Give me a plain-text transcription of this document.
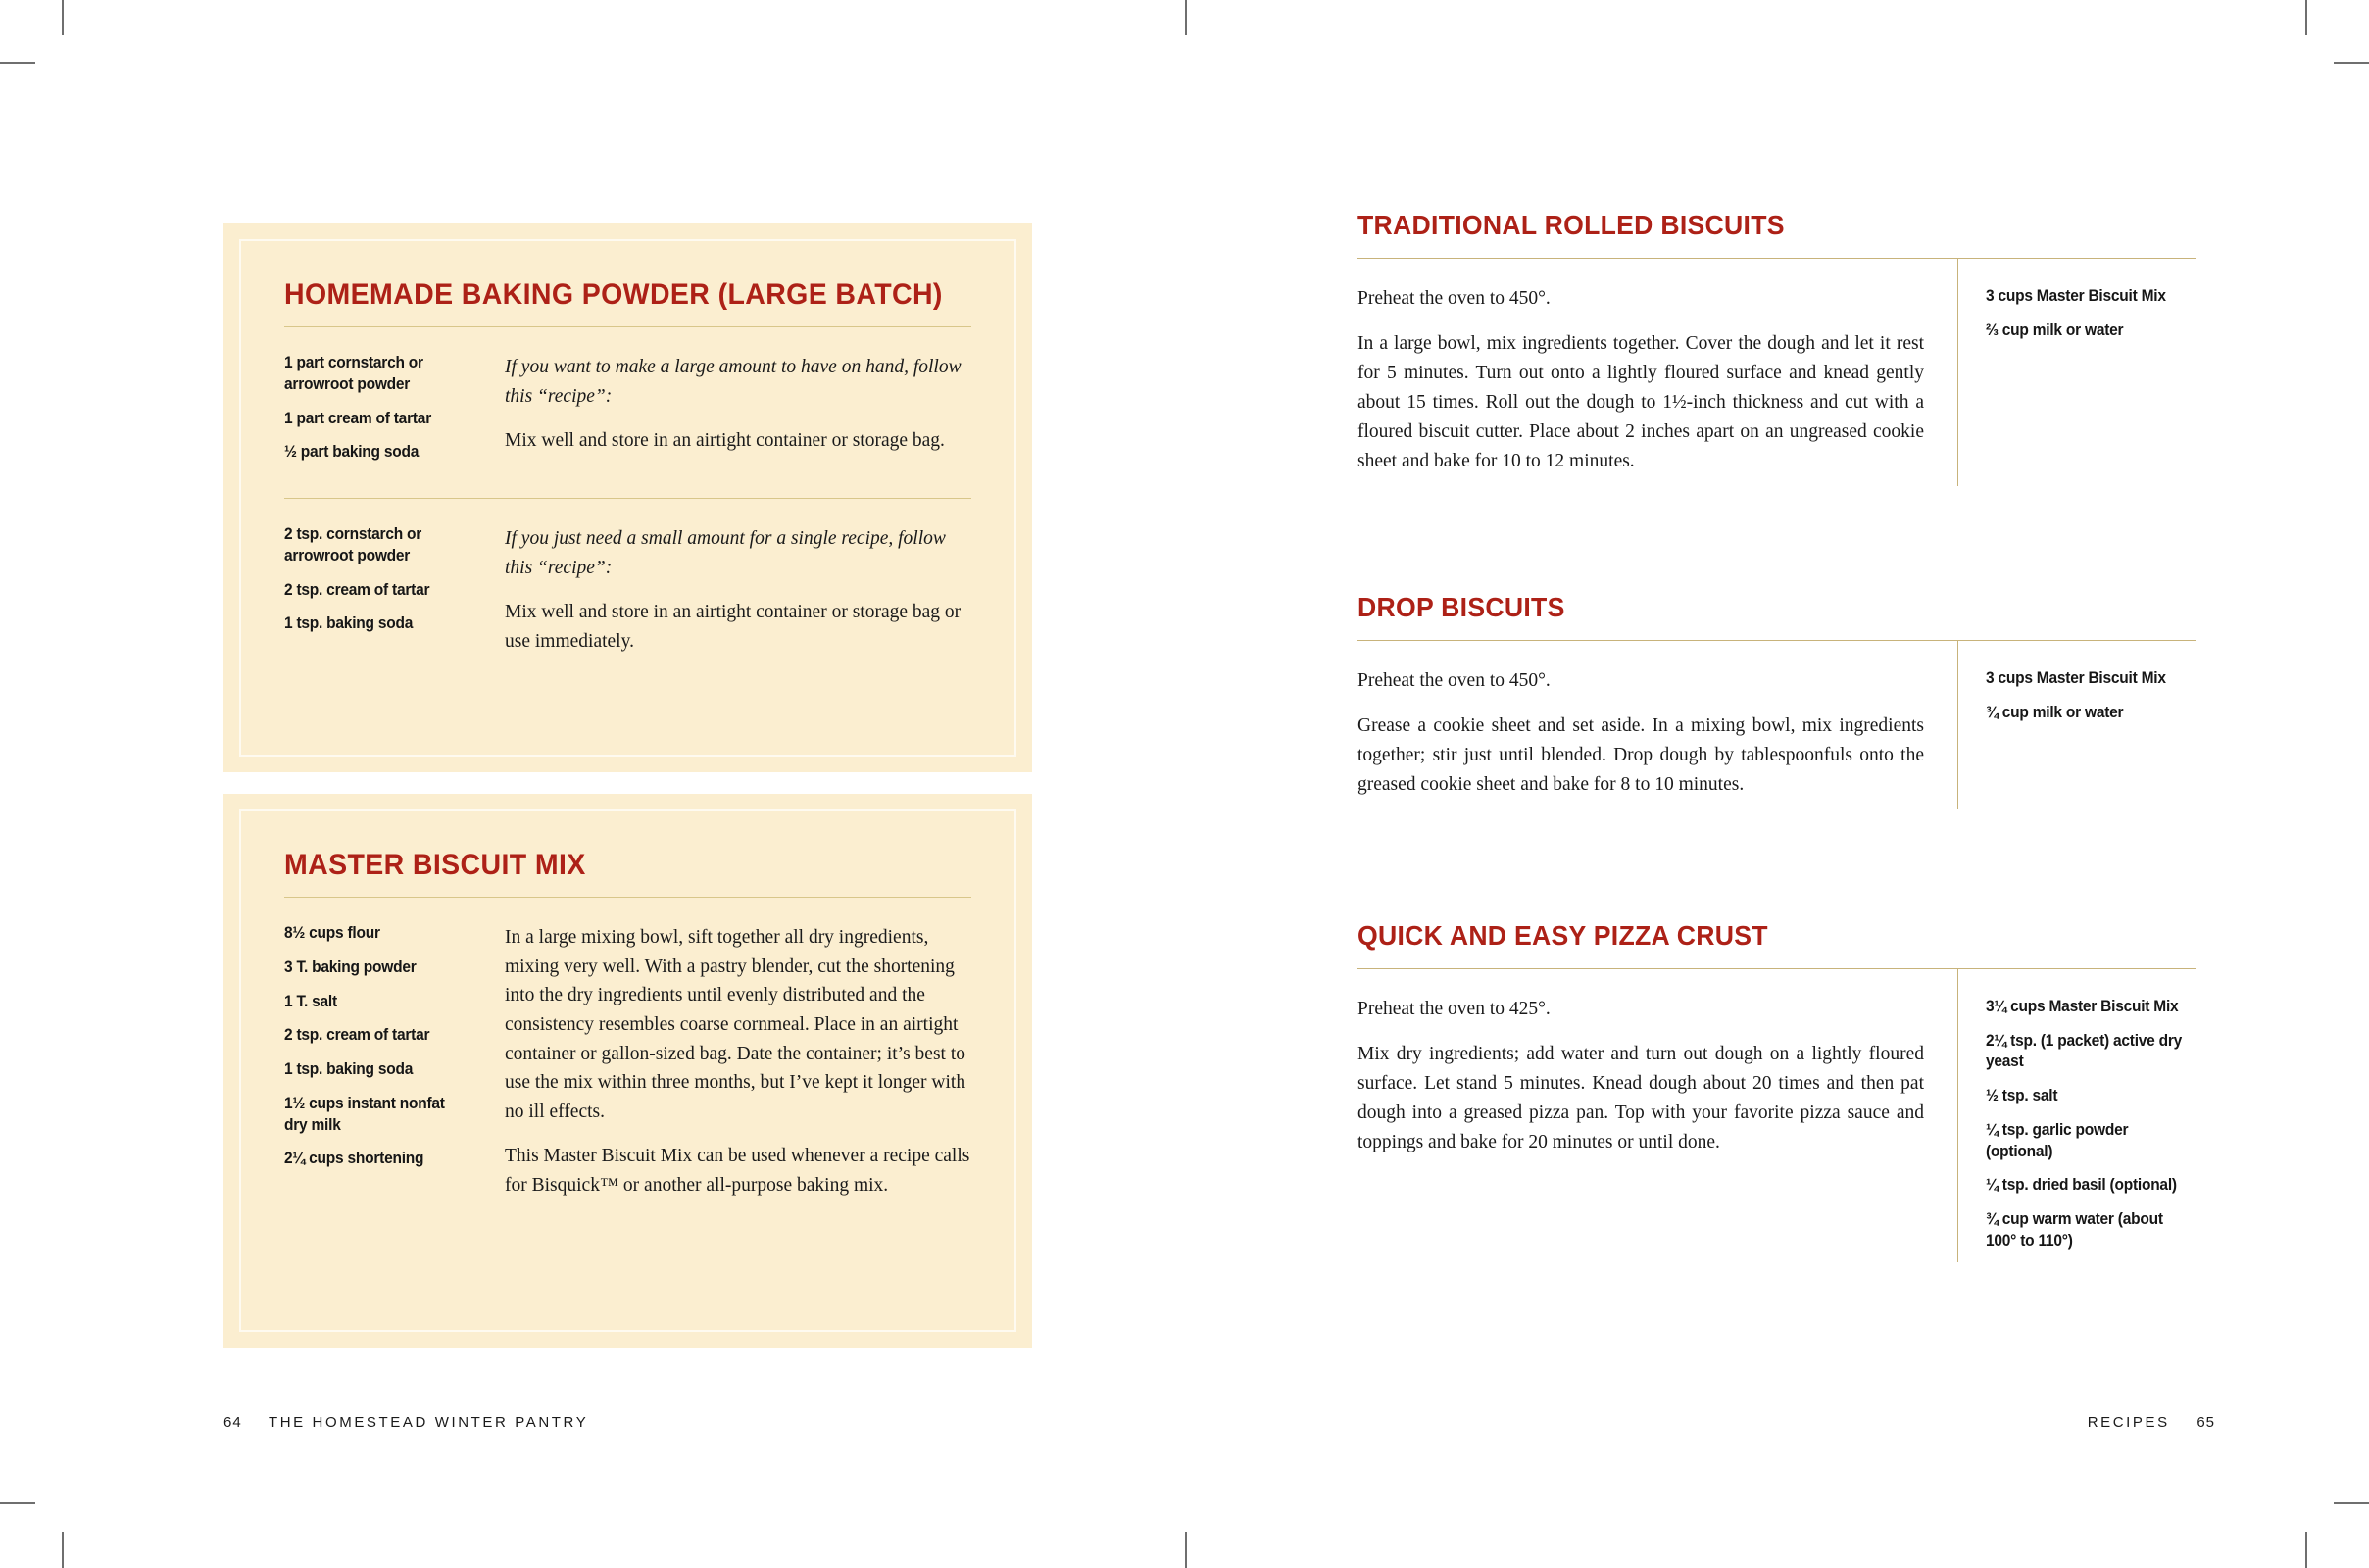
HOMEMADE BAKING POWDER (LARGE BATCH)
1 part cornstarch or arrowroot powder
1 part cream of tartar
½ part baking soda

If you want to make a large amount to have on hand, follow this “recipe”:

Mix well and store in an airtight container or storage bag.

2 tsp. cornstarch or arrowroot powder
2 tsp. cream of tartar
1 tsp. baking soda

If you just need a small amount for a single recipe, follow this “recipe”:

Mix well and store in an airtight container or storage bag or use immediately.

MASTER BISCUIT MIX
8½ cups flour
3 T. baking powder
1 T. salt
2 tsp. cream of tartar
1 tsp. baking soda
1½ cups instant nonfat dry milk
2¼ cups shortening

In a large mixing bowl, sift together all dry ingredients, mixing very well. With a pastry blender, cut the shortening into the dry ingredients until evenly distributed and the consistency resembles coarse cornmeal. Place in an airtight container or gallon-sized bag. Date the container; it’s best to use the mix within three months, but I’ve kept it longer with no ill effects.

This Master Biscuit Mix can be used whenever a recipe calls for Bisquick™ or another all-purpose baking mix.

64 THE HOMESTEAD WINTER PANTRY
TRADITIONAL ROLLED BISCUITS

Preheat the oven to 450°.

In a large bowl, mix ingredients together. Cover the dough and let it rest for 5 minutes. Turn out onto a lightly floured surface and knead gently about 15 times. Roll out the dough to 1½-inch thickness and cut with a floured biscuit cutter. Place about 2 inches apart on an ungreased cookie sheet and bake for 10 to 12 minutes.

3 cups Master Biscuit Mix
⅔ cup milk or water
DROP BISCUITS

Preheat the oven to 450°.

Grease a cookie sheet and set aside. In a mixing bowl, mix ingredients together; stir just until blended. Drop dough by tablespoonfuls onto the greased cookie sheet and bake for 8 to 10 minutes.

3 cups Master Biscuit Mix
¾ cup milk or water
QUICK AND EASY PIZZA CRUST

Preheat the oven to 425°.

Mix dry ingredients; add water and turn out dough on a lightly floured surface. Let stand 5 minutes. Knead dough about 20 times and then pat dough into a greased pizza pan. Top with your favorite pizza sauce and toppings and bake for 20 minutes or until done.

3¼ cups Master Biscuit Mix
2¼ tsp. (1 packet) active dry yeast
½ tsp. salt
¼ tsp. garlic powder (optional)
¼ tsp. dried basil (optional)
¾ cup warm water (about 100° to 110°)
RECIPES 65
